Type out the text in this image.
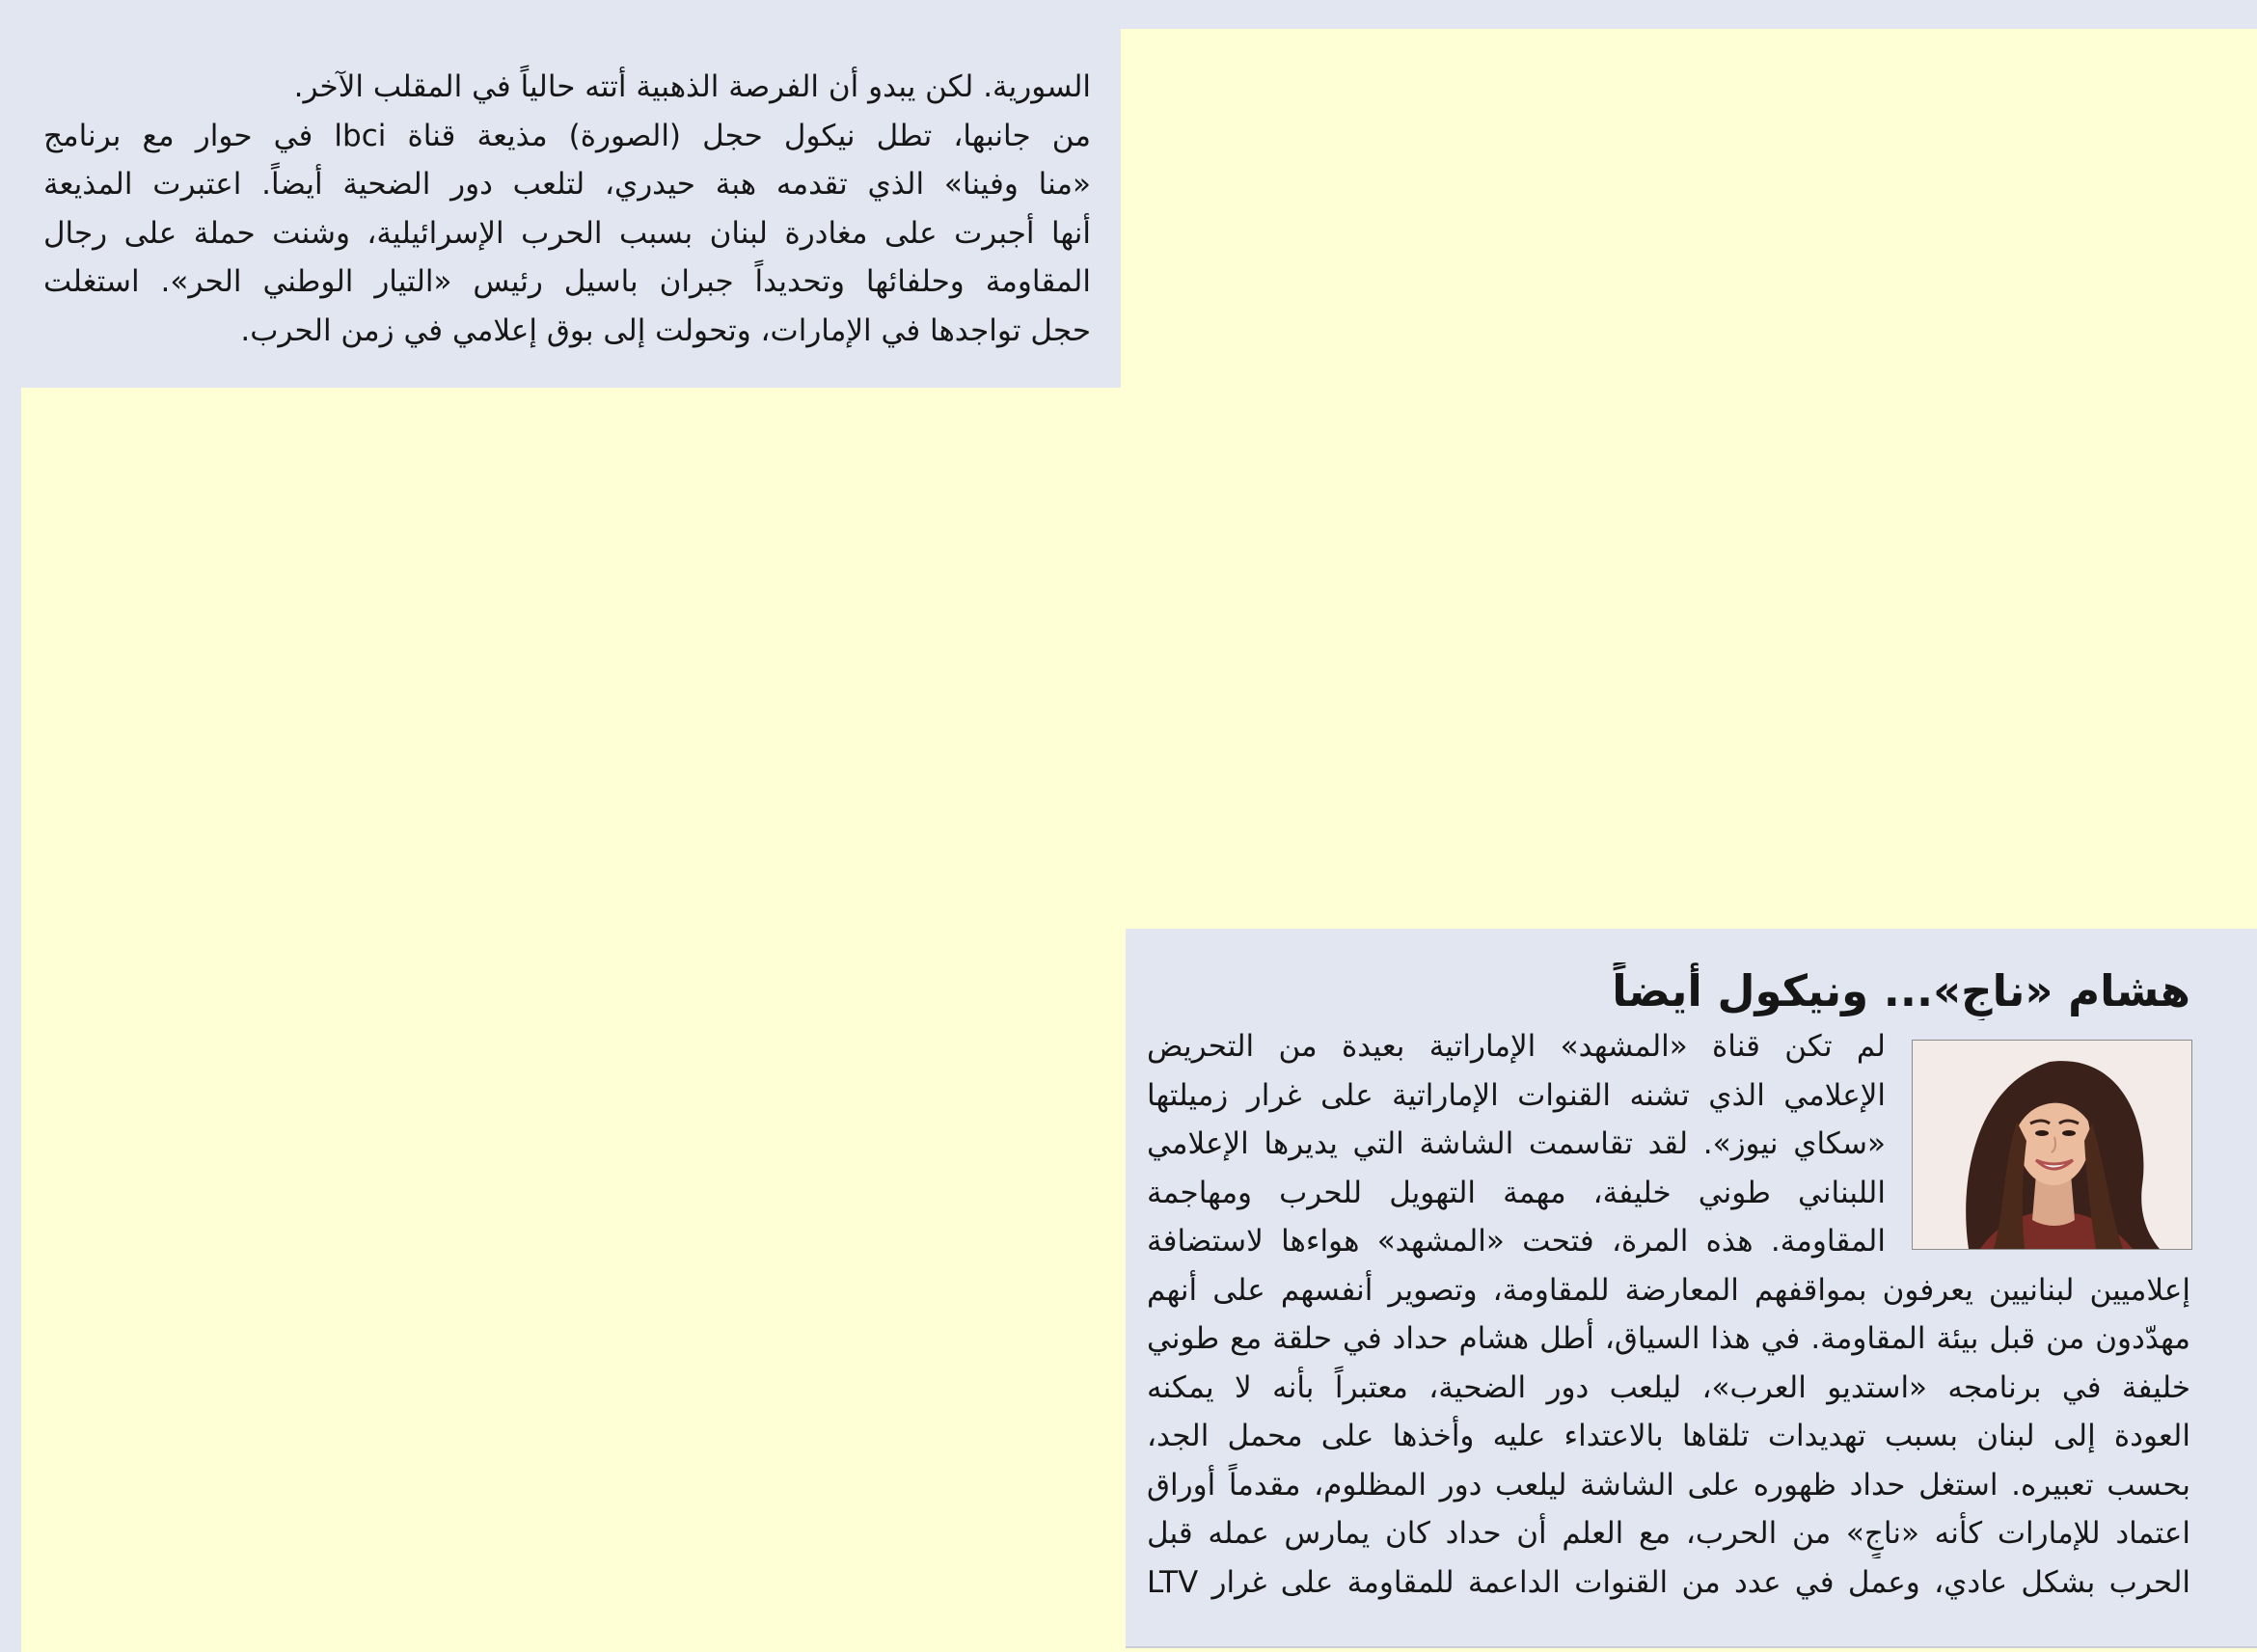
السورية. لكن يبدو أن الفرصة الذهبية أتته حالياً في المقلب الآخر.
من جانبها، تطل نيكول حجل (الصورة) مذيعة قناة lbci في حوار مع برنامج
«منا وفينا» الذي تقدمه هبة حيدري، لتلعب دور الضحية أيضاً. اعتبرت المذيعة
أنها أجبرت على مغادرة لبنان بسبب الحرب الإسرائيلية، وشنت حملة على رجال
المقاومة وحلفائها وتحديداً جبران باسيل رئيس «التيار الوطني الحر». استغلت
حجل تواجدها في الإمارات، وتحولت إلى بوق إعلامي في زمن الحرب.
هشام «ناجٍ»... ونيكول أيضاً
لم تكن قناة «المشهد» الإماراتية بعيدة من التحريض
الإعلامي الذي تشنه القنوات الإماراتية على غرار زميلتها
«سكاي نيوز». لقد تقاسمت الشاشة التي يديرها الإعلامي
اللبناني طوني خليفة، مهمة التهويل للحرب ومهاجمة
المقاومة. هذه المرة، فتحت «المشهد» هواءها لاستضافة
إعلاميين لبنانيين يعرفون بمواقفهم المعارضة للمقاومة، وتصوير أنفسهم على أنهم
مهدّدون من قبل بيئة المقاومة. في هذا السياق، أطل هشام حداد في حلقة مع طوني
خليفة في برنامجه «استديو العرب»، ليلعب دور الضحية، معتبراً بأنه لا يمكنه
العودة إلى لبنان بسبب تهديدات تلقاها بالاعتداء عليه وأخذها على محمل الجد،
بحسب تعبيره. استغل حداد ظهوره على الشاشة ليلعب دور المظلوم، مقدماً أوراق
اعتماد للإمارات كأنه «ناجٍ» من الحرب، مع العلم أن حداد كان يمارس عمله قبل
الحرب بشكل عادي، وعمل في عدد من القنوات الداعمة للمقاومة على غرار LTV
